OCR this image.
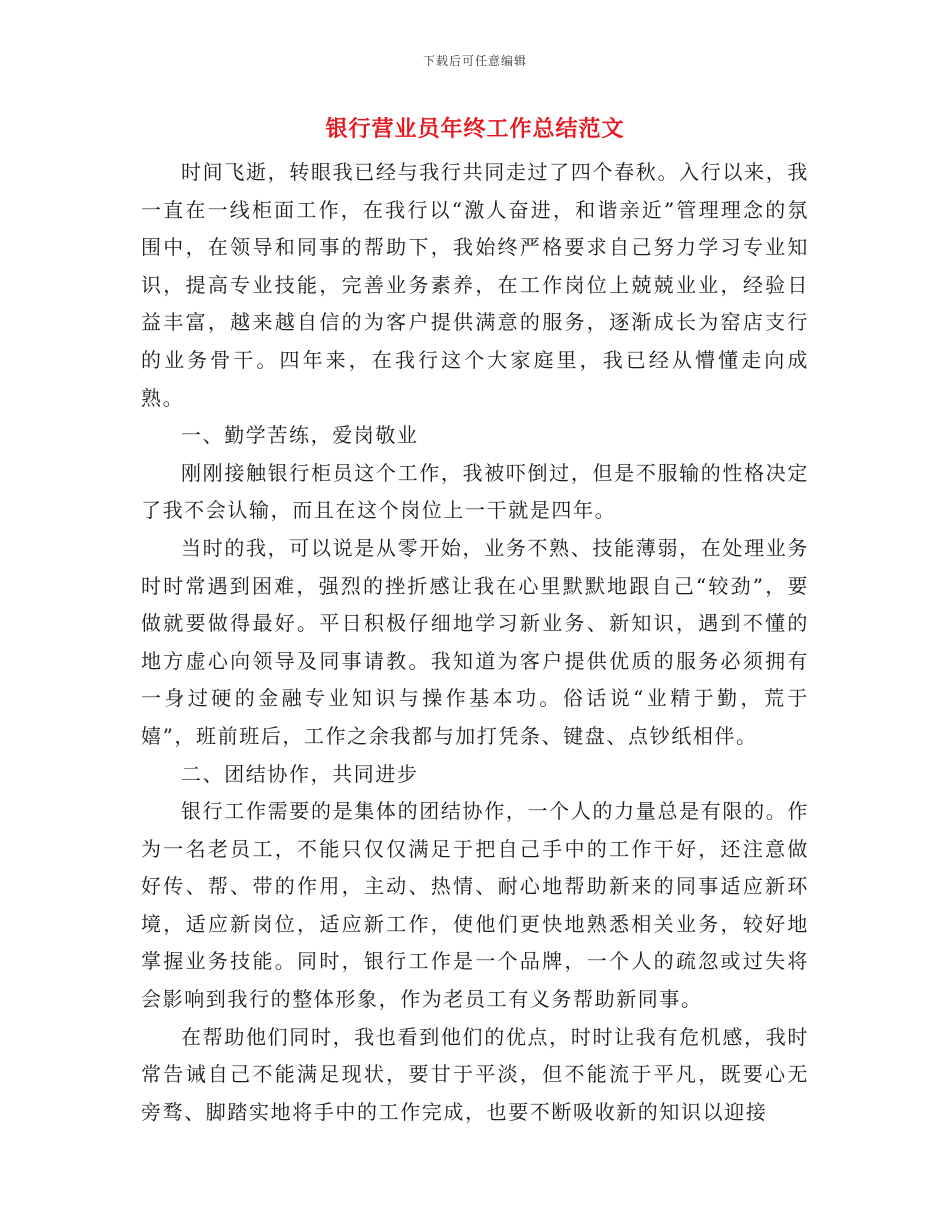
下载后可任意编辑
银行营业员年终工作总结范文

时间飞逝，转眼我已经与我行共同走过了四个春秋。入行以来，我一直在一线柜面工作，在我行以“激人奋进，和谐亲近”管理理念的氛围中，在领导和同事的帮助下，我始终严格要求自己努力学习专业知识，提高专业技能，完善业务素养，在工作岗位上兢兢业业，经验日益丰富，越来越自信的为客户提供满意的服务，逐渐成长为窑店支行的业务骨干。四年来，在我行这个大家庭里，我已经从懵懂走向成熟。

一、勤学苦练，爱岗敬业

刚刚接触银行柜员这个工作，我被吓倒过，但是不服输的性格决定了我不会认输，而且在这个岗位上一干就是四年。

当时的我，可以说是从零开始，业务不熟、技能薄弱，在处理业务时时常遇到困难，强烈的挫折感让我在心里默默地跟自己“较劲”，要做就要做得最好。平日积极仔细地学习新业务、新知识，遇到不懂的地方虚心向领导及同事请教。我知道为客户提供优质的服务必须拥有一身过硬的金融专业知识与操作基本功。俗话说“业精于勤，荒于嬉”，班前班后，工作之余我都与加打凭条、键盘、点钞纸相伴。

二、团结协作，共同进步

银行工作需要的是集体的团结协作，一个人的力量总是有限的。作为一名老员工，不能只仅仅满足于把自己手中的工作干好，还注意做好传、帮、带的作用，主动、热情、耐心地帮助新来的同事适应新环境，适应新岗位，适应新工作，使他们更快地熟悉相关业务，较好地掌握业务技能。同时，银行工作是一个品牌，一个人的疏忽或过失将会影响到我行的整体形象，作为老员工有义务帮助新同事。

在帮助他们同时，我也看到他们的优点，时时让我有危机感，我时常告诫自己不能满足现状，要甘于平淡，但不能流于平凡，既要心无旁骛、脚踏实地将手中的工作完成，也要不断吸收新的知识以迎接
